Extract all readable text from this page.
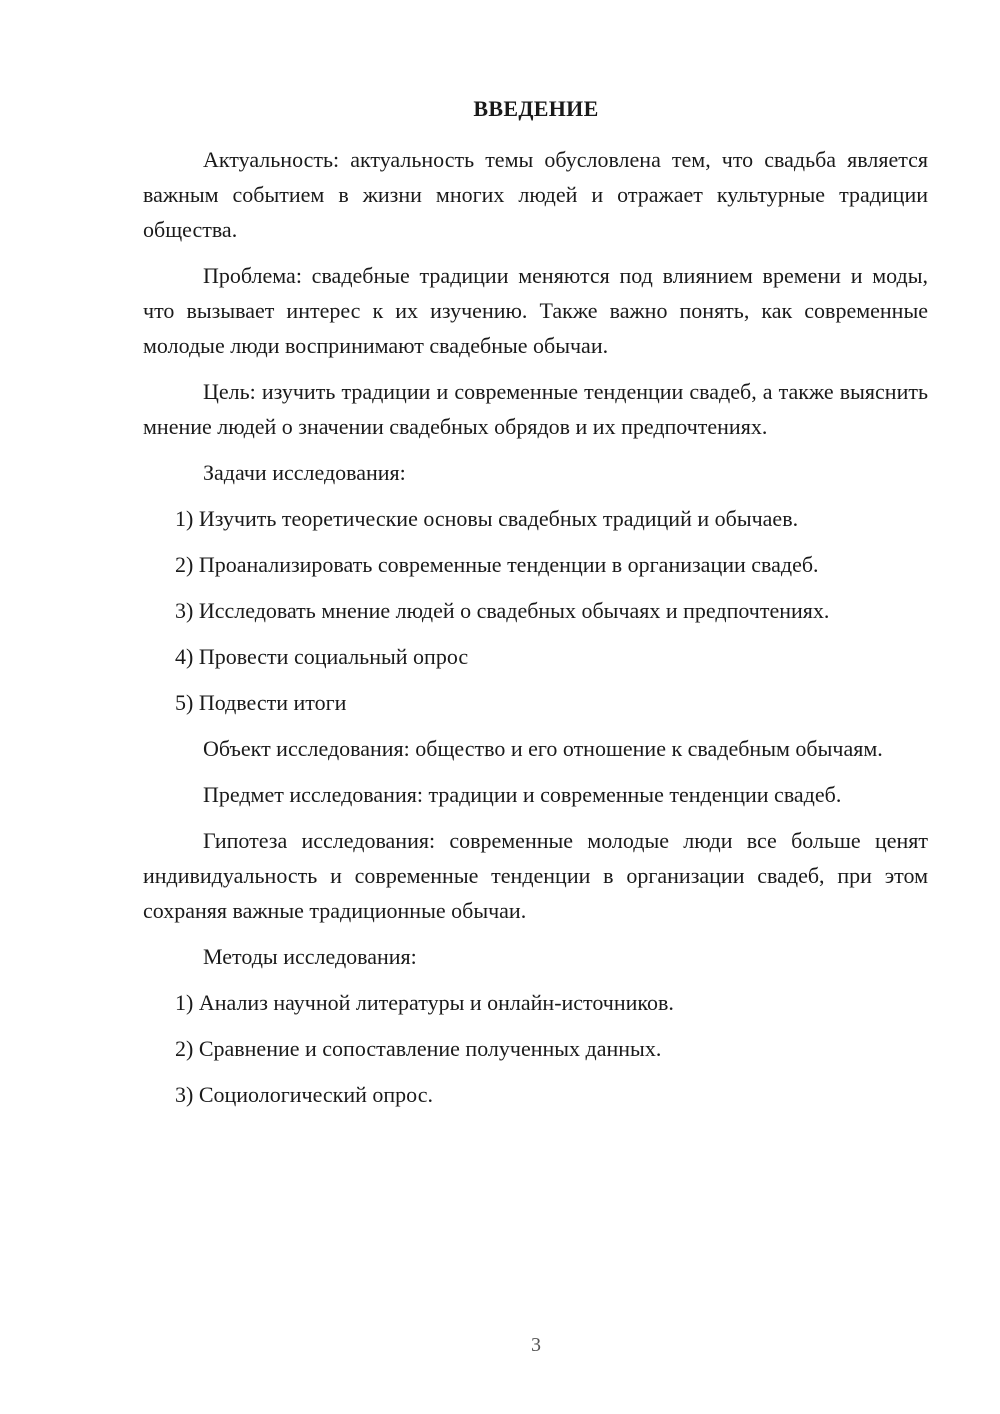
ВВЕДЕНИЕ

Актуальность: актуальность темы обусловлена тем, что свадьба является важным событием в жизни многих людей и отражает культурные традиции общества.

Проблема: свадебные традиции меняются под влиянием времени и моды, что вызывает интерес к их изучению. Также важно понять, как современные молодые люди воспринимают свадебные обычаи.

Цель: изучить традиции и современные тенденции свадеб, а также выяснить мнение людей о значении свадебных обрядов и их предпочтениях.

Задачи исследования:

1) Изучить теоретические основы свадебных традиций и обычаев.
2) Проанализировать современные тенденции в организации свадеб.
3) Исследовать мнение людей о свадебных обычаях и предпочтениях.
4) Провести социальный опрос
5) Подвести итоги

Объект исследования: общество и его отношение к свадебным обычаям.

Предмет исследования: традиции и современные тенденции свадеб.

Гипотеза исследования: современные молодые люди все больше ценят индивидуальность и современные тенденции в организации свадеб, при этом сохраняя важные традиционные обычаи.

Методы исследования:

1) Анализ научной литературы и онлайн-источников.
2) Сравнение и сопоставление полученных данных.
3) Социологический опрос.
3
